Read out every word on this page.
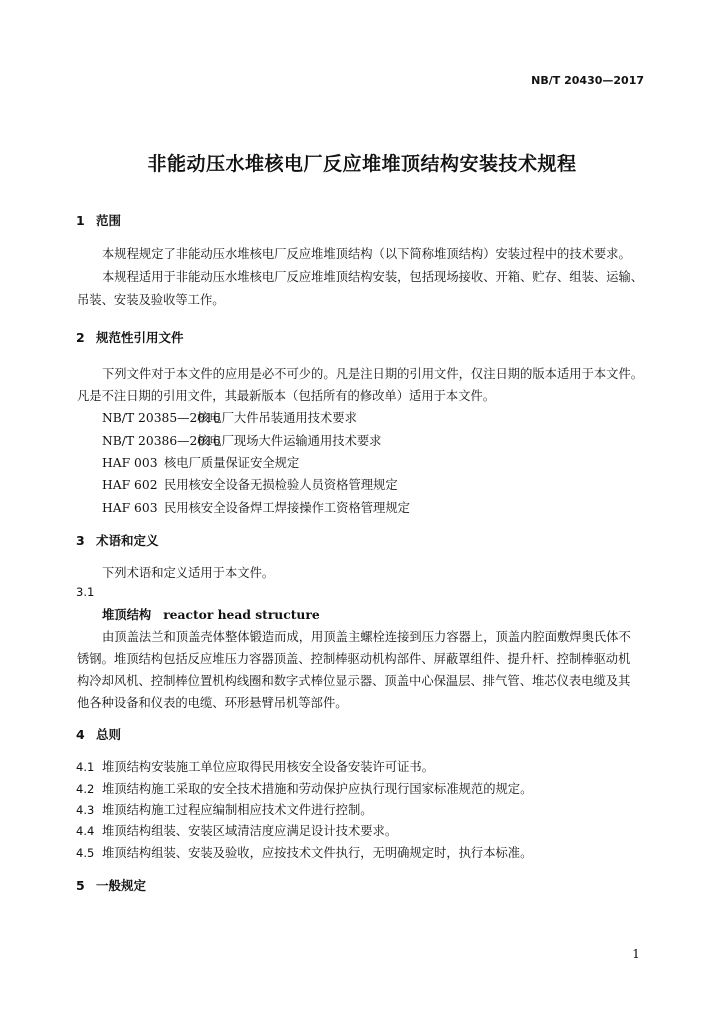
NB/T 20430—2017
非能动压水堆核电厂反应堆堆顶结构安装技术规程
1 范围
本规程规定了非能动压水堆核电厂反应堆堆顶结构（以下简称堆顶结构）安装过程中的技术要求。
本规程适用于非能动压水堆核电厂反应堆堆顶结构安装，包括现场接收、开箱、贮存、组装、运输、
吊装、安装及验收等工作。
2 规范性引用文件
下列文件对于本文件的应用是必不可少的。凡是注日期的引用文件，仅注日期的版本适用于本文件。
凡是不注日期的引用文件，其最新版本（包括所有的修改单）适用于本文件。
NB/T 20385—2016核电厂大件吊装通用技术要求
NB/T 20386—2016核电厂现场大件运输通用技术要求
HAF 003 核电厂质量保证安全规定
HAF 602 民用核安全设备无损检验人员资格管理规定
HAF 603 民用核安全设备焊工焊接操作工资格管理规定
3 术语和定义
下列术语和定义适用于本文件。
3.1
堆顶结构 reactor head structure
由顶盖法兰和顶盖壳体整体锻造而成，用顶盖主螺栓连接到压力容器上，顶盖内腔面敷焊奥氏体不
锈钢。堆顶结构包括反应堆压力容器顶盖、控制棒驱动机构部件、屏蔽罩组件、提升杆、控制棒驱动机
构冷却风机、控制棒位置机构线圈和数字式棒位显示器、顶盖中心保温层、排气管、堆芯仪表电缆及其
他各种设备和仪表的电缆、环形悬臂吊机等部件。
4 总则
4.1 堆顶结构安装施工单位应取得民用核安全设备安装许可证书。
4.2 堆顶结构施工采取的安全技术措施和劳动保护应执行现行国家标准规范的规定。
4.3 堆顶结构施工过程应编制相应技术文件进行控制。
4.4 堆顶结构组装、安装区域清洁度应满足设计技术要求。
4.5 堆顶结构组装、安装及验收，应按技术文件执行，无明确规定时，执行本标准。
5 一般规定
1
